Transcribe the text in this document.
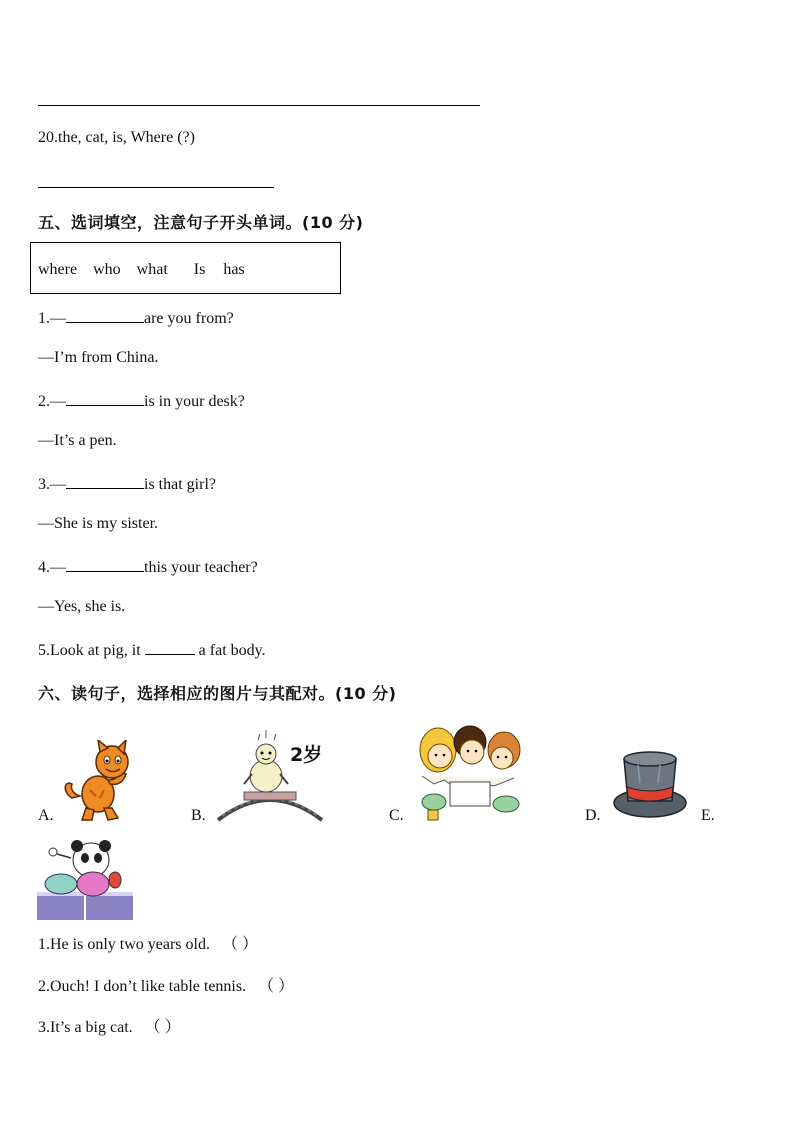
20.the, cat, is, Where (?)
五、选词填空，注意句子开头单词。(10 分)
where who what Is has
1.—	are you from?
—I’m from China.
2.—	is in your desk?
—It’s a pen.
3.—	is that girl?
—She is my sister.
4.—	this your teacher?
—Yes, she is.
5.Look at pig, it	a fat body.
六、读句子，选择相应的图片与其配对。(10 分)
A.	B.	C.	D.	E.
2岁
1.He is only two years old. （ ）
2.Ouch! I don’t like table tennis. （ ）
3.It’s a big cat. （ ）
